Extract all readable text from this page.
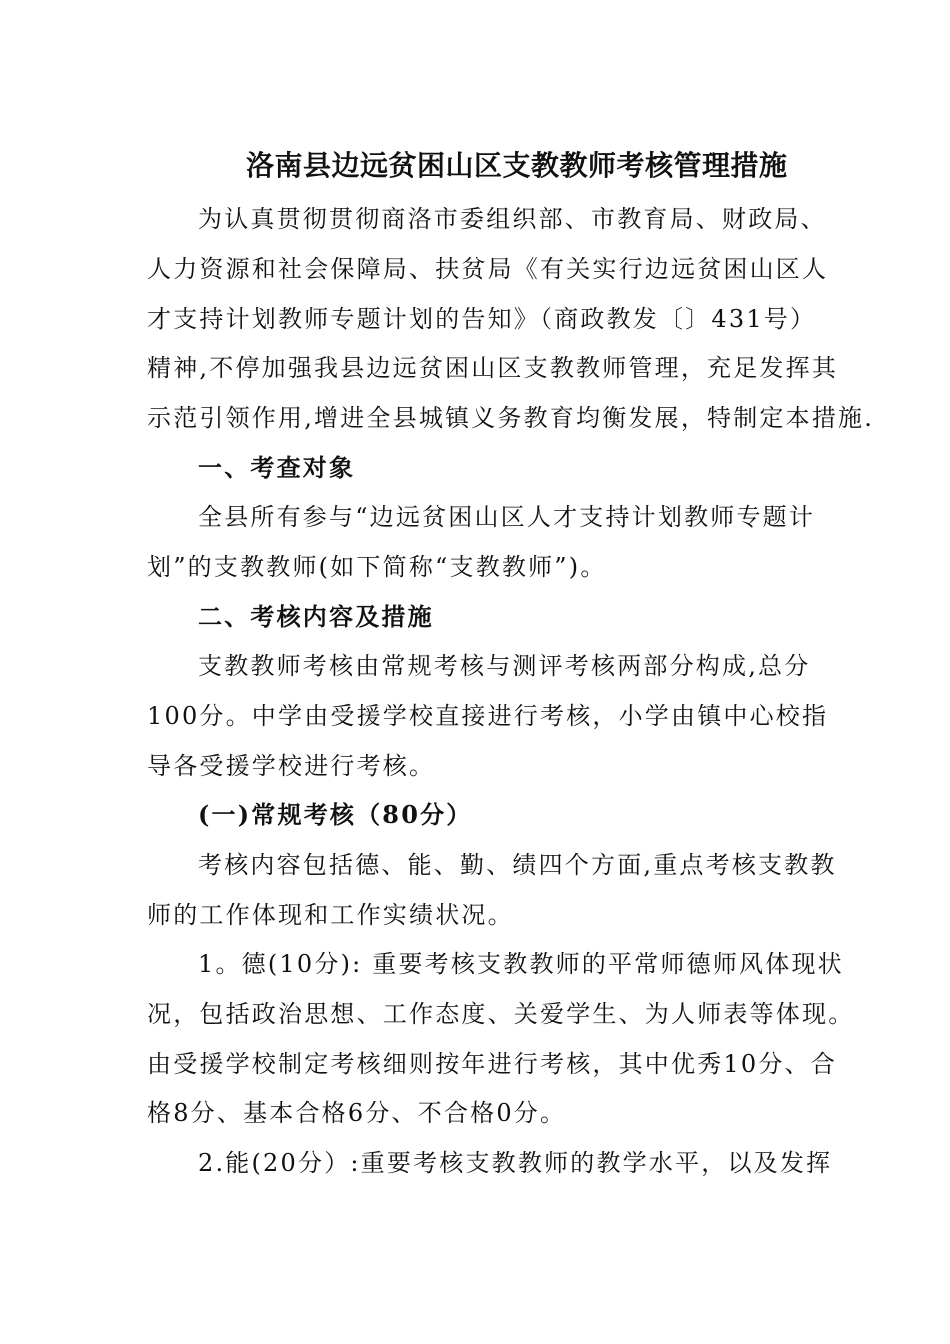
洛南县边远贫困山区支教教师考核管理措施
为认真贯彻贯彻商洛市委组织部、市教育局、财政局、
人力资源和社会保障局、扶贫局《有关实行边远贫困山区人
才支持计划教师专题计划的告知》（商政教发〔〕431号）
精神,不停加强我县边远贫困山区支教教师管理，充足发挥其
示范引领作用,增进全县城镇义务教育均衡发展，特制定本措施.
一、考查对象
全县所有参与“边远贫困山区人才支持计划教师专题计
划”的支教教师(如下简称“支教教师”)。
二、考核内容及措施
支教教师考核由常规考核与测评考核两部分构成,总分
100分。中学由受援学校直接进行考核，小学由镇中心校指
导各受援学校进行考核。
(一)常规考核（80分）
考核内容包括德、能、勤、绩四个方面,重点考核支教教
师的工作体现和工作实绩状况。
1。德(10分): 重要考核支教教师的平常师德师风体现状
况，包括政治思想、工作态度、关爱学生、为人师表等体现。
由受援学校制定考核细则按年进行考核，其中优秀10分、合
格8分、基本合格6分、不合格0分。
2.能(20分）:重要考核支教教师的教学水平，以及发挥
